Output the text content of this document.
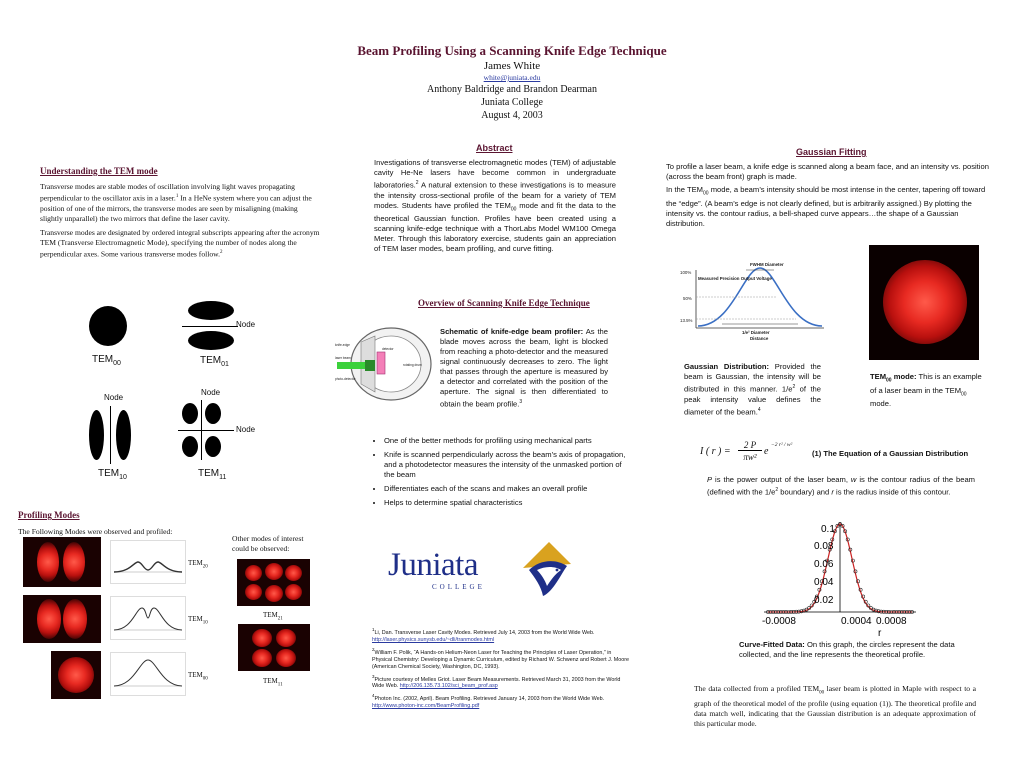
Beam Profiling Using a Scanning Knife Edge Technique
James White
white@juniata.edu
Anthony Baldridge and Brandon Dearman
Juniata College
August 4, 2003
Understanding the TEM mode

Transverse modes are stable modes of oscillation involving light waves propagating perpendicular to the oscillator axis in a laser.$^1$ In a HeNe system where you can adjust the position of one of the mirrors, the transverse modes are seen by misaligning (making slightly unparallel) the two mirrors that define the laser cavity.

Transverse modes are designated by ordered integral subscripts appearing after the acronym TEM (Transverse Electromagnetic Mode), specifying the number of nodes along the perpendicular axes. Some various transverse modes follow.$^2$

$TEM_{00}$
Node
$TEM_{01}$
Node
$TEM_{10}$
Node
Node
$TEM_{11}$
Profiling Modes
The Following Modes were observed and profiled:
$TEM_{20}$
$TEM_{10}$
$TEM_{00}$
Other modes of interest could be observed:
$TEM_{21}$
$TEM_{11}$
Abstract
Investigations of transverse electromagnetic modes (TEM) of adjustable cavity He-Ne lasers have become common in undergraduate laboratories.$^2$ A natural extension to these investigations is to measure the intensity cross-sectional profile of the beam for a variety of TEM modes. Students have profiled the $TEM_{00}$ mode and fit the data to the theoretical Gaussian function. Profiles have been created using a scanning knife-edge technique with a ThorLabs Model WM100 Omega Meter. Through this laboratory exercise, students gain an appreciation of TEM laser modes, beam profiling, and curve fitting.
Overview of Scanning Knife Edge Technique
knife-edge
laser beam
detector
rotating drum
photo-detector
Schematic of knife-edge beam profiler: As the blade moves across the beam, light is blocked from reaching a photo-detector and the measured signal continuously decreases to zero. The light that passes through the aperture is measured by a detector and correlated with the position of the aperture. The signal is then differentiated to obtain the beam profile.$^3$
• One of the better methods for profiling using mechanical parts
• Knife is scanned perpendicularly across the beam’s axis of propagation, and a photodetector measures the intensity of the unmasked portion of the beam
• Differentiates each of the scans and makes an overall profile
• Helps to determine spatial characteristics
Juniata
COLLEGE

$^1$Li, Dan. Transverse Laser Cavity Modes. Retrieved July 14, 2003 from the World Wide Web. http://laser.physics.sunysb.edu/~dli/tranmodes.html

$^2$William F. Polik, “A Hands-on Helium-Neon Laser for Teaching the Principles of Laser Operation,” in Physical Chemistry: Developing a Dynamic Curriculum, edited by Richard W. Schwenz and Robert J. Moore (American Chemical Society, Washington, DC, 1993).

$^3$Picture courtesy of Melles Griot. Laser Beam Measurements. Retrieved March 31, 2003 from the World Wide Web. http://206.135.73.102/sci_beam_prof.asp

$^4$Photon Inc. (2002, April). Beam Profiling. Retrieved January 14, 2003 from the World Wide Web. http://www.photon-inc.com/BeamProfiling.pdf

Gaussian Fitting

To profile a laser beam, a knife edge is scanned along a beam face, and an intensity vs. position (across the beam front) graph is made.

In the $TEM_{00}$ mode, a beam’s intensity should be most intense in the center, tapering off toward the “edge”. (A beam’s edge is not clearly defined, but is arbitrarily assigned.) By plotting the intensity vs. the contour radius, a bell-shaped curve appears…the shape of a Gaussian distribution.

100%
50%
13.5%
FWHM Diameter
Measured Precision Output Voltage
1/e² Diameter
Distance
Gaussian Distribution: Provided the beam is Gaussian, the intensity will be distributed in this manner. $1/e^2$ of the peak intensity value defines the diameter of the beam.$^4$
$TEM_{00}$ mode: This is an example of a laser beam in the $TEM_{00}$ mode.
I ( r ) =
2 P
πw² e
−2 r² / w²
(1) The Equation of a Gaussian Distribution
P is the power output of the laser beam, w is the contour radius of the beam (defined with the $1/e^2$ boundary) and r is the radius inside of this contour.
0.1
0.08
0.06
0.04
0.02
-0.0008	0.0004 0.0008
r
Curve-Fitted Data: On this graph, the circles represent the data collected, and the line represents the theoretical profile.
The data collected from a profiled $TEM_{00}$ laser beam is plotted in Maple with respect to a graph of the theoretical model of the profile (using equation (1)). The theoretical profile and data match well, indicating that the Gaussian distribution is an adequate approximation of this particular mode.
